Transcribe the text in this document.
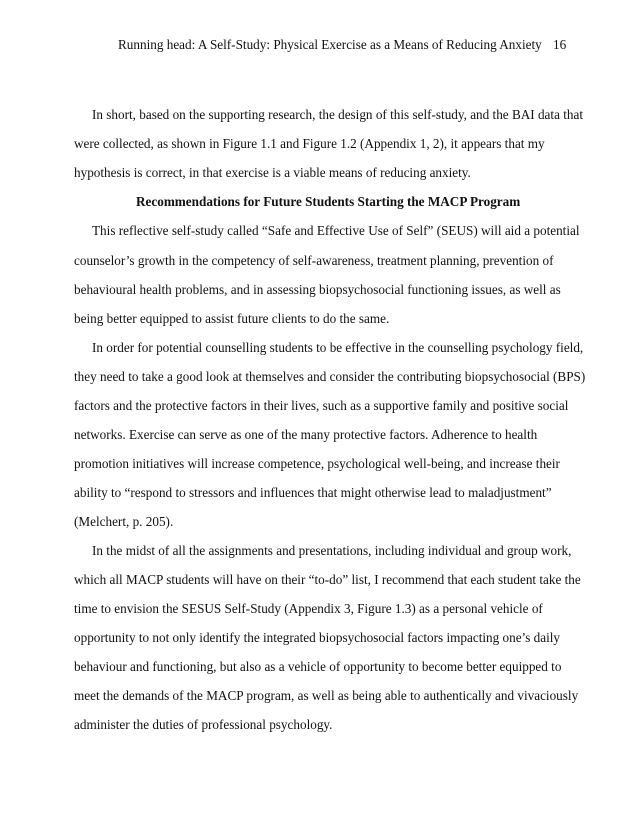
Running head: A Self-Study: Physical Exercise as a Means of Reducing Anxiety 16
In short, based on the supporting research, the design of this self-study, and the BAI data that
were collected, as shown in Figure 1.1 and Figure 1.2 (Appendix 1, 2), it appears that my
hypothesis is correct, in that exercise is a viable means of reducing anxiety.
Recommendations for Future Students Starting the MACP Program
This reflective self-study called “Safe and Effective Use of Self” (SEUS) will aid a potential
counselor’s growth in the competency of self-awareness, treatment planning, prevention of
behavioural health problems, and in assessing biopsychosocial functioning issues, as well as
being better equipped to assist future clients to do the same.
In order for potential counselling students to be effective in the counselling psychology field,
they need to take a good look at themselves and consider the contributing biopsychosocial (BPS)
factors and the protective factors in their lives, such as a supportive family and positive social
networks. Exercise can serve as one of the many protective factors. Adherence to health
promotion initiatives will increase competence, psychological well-being, and increase their
ability to “respond to stressors and influences that might otherwise lead to maladjustment”
(Melchert, p. 205).
In the midst of all the assignments and presentations, including individual and group work,
which all MACP students will have on their “to-do” list, I recommend that each student take the
time to envision the SESUS Self-Study (Appendix 3, Figure 1.3) as a personal vehicle of
opportunity to not only identify the integrated biopsychosocial factors impacting one’s daily
behaviour and functioning, but also as a vehicle of opportunity to become better equipped to
meet the demands of the MACP program, as well as being able to authentically and vivaciously
administer the duties of professional psychology.
